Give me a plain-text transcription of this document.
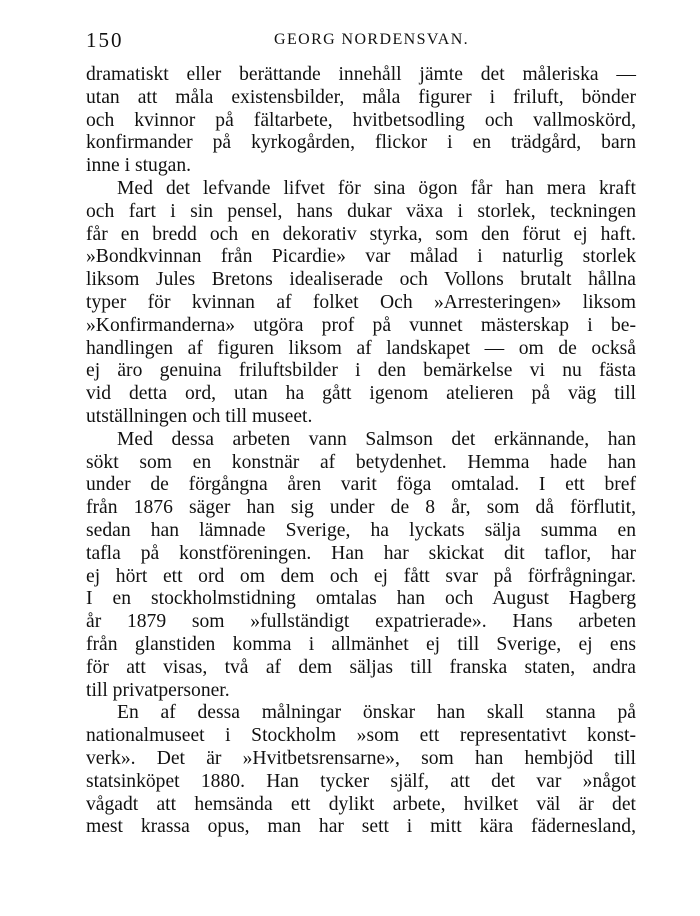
150	GEORG NORDENSVAN.
dramatiskt eller berättande innehåll jämte det måleriska —
utan att måla existensbilder, måla figurer i friluft, bönder
och kvinnor på fältarbete, hvitbetsodling och vallmoskörd,
konfirmander på kyrkogården, flickor i en trädgård, barn
inne i stugan.
Med det lefvande lifvet för sina ögon får han mera kraft
och fart i sin pensel, hans dukar växa i storlek, teckningen
får en bredd och en dekorativ styrka, som den förut ej haft.
»Bondkvinnan från Picardie» var målad i naturlig storlek
liksom Jules Bretons idealiserade och Vollons brutalt hållna
typer för kvinnan af folket Och »Arresteringen» liksom
»Konfirmanderna» utgöra prof på vunnet mästerskap i be-
handlingen af figuren liksom af landskapet — om de också
ej äro genuina friluftsbilder i den bemärkelse vi nu fästa
vid detta ord, utan ha gått igenom atelieren på väg till
utställningen och till museet.
Med dessa arbeten vann Salmson det erkännande, han
sökt som en konstnär af betydenhet. Hemma hade han
under de förgångna åren varit föga omtalad. I ett bref
från 1876 säger han sig under de 8 år, som då förflutit,
sedan han lämnade Sverige, ha lyckats sälja summa en
tafla på konstföreningen. Han har skickat dit taflor, har
ej hört ett ord om dem och ej fått svar på förfrågningar.
I en stockholmstidning omtalas han och August Hagberg
år 1879 som »fullständigt expatrierade». Hans arbeten
från glanstiden komma i allmänhet ej till Sverige, ej ens
för att visas, två af dem säljas till franska staten, andra
till privatpersoner.
En af dessa målningar önskar han skall stanna på
nationalmuseet i Stockholm »som ett representativt konst-
verk». Det är »Hvitbetsrensarne», som han hembjöd till
statsinköpet 1880. Han tycker själf, att det var »något
vågadt att hemsända ett dylikt arbete, hvilket väl är det
mest krassa opus, man har sett i mitt kära fädernesland,
